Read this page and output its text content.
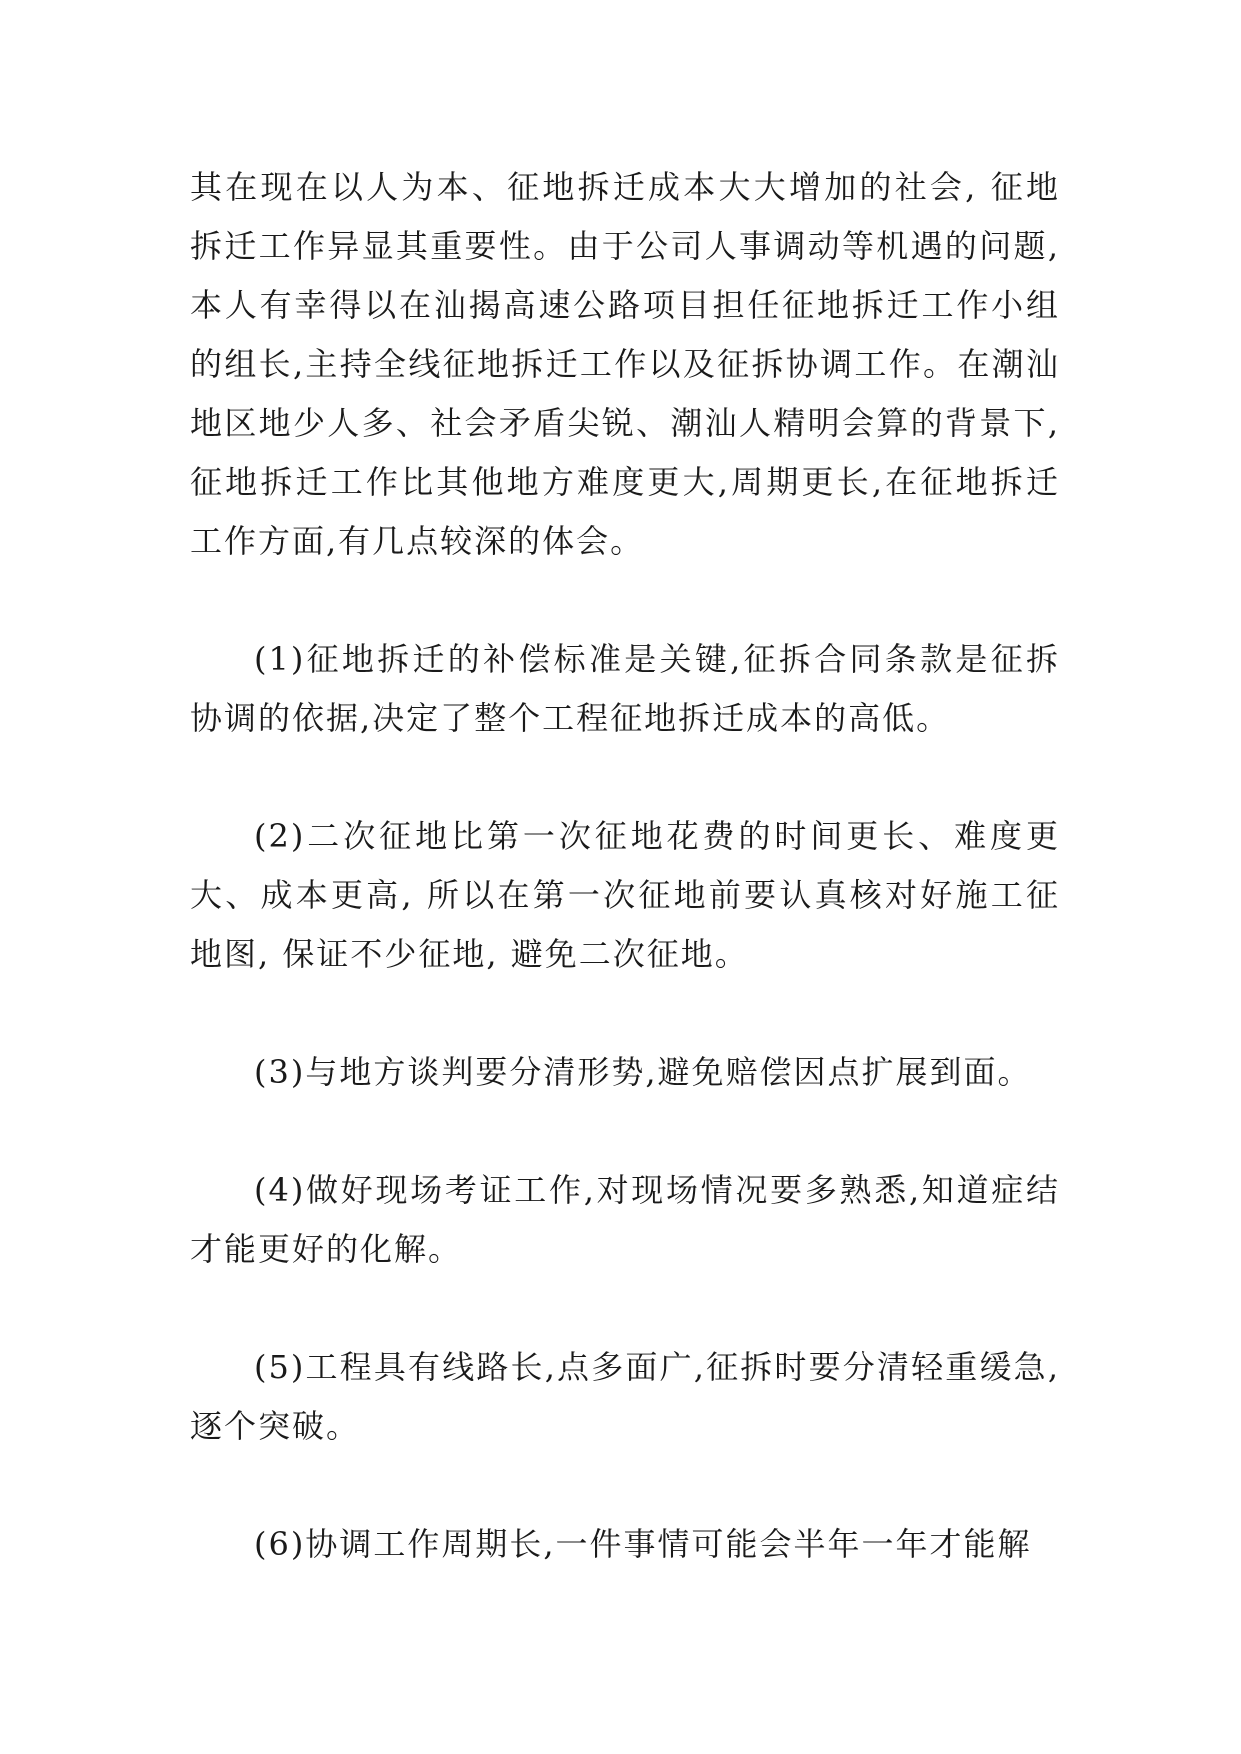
其在现在以人为本、征地拆迁成本大大增加的社会, 征地拆迁工作异显其重要性。由于公司人事调动等机遇的问题,本人有幸得以在汕揭高速公路项目担任征地拆迁工作小组的组长,主持全线征地拆迁工作以及征拆协调工作。在潮汕地区地少人多、社会矛盾尖锐、潮汕人精明会算的背景下,征地拆迁工作比其他地方难度更大,周期更长,在征地拆迁工作方面,有几点较深的体会。

(1)征地拆迁的补偿标准是关键,征拆合同条款是征拆协调的依据,决定了整个工程征地拆迁成本的高低。

(2)二次征地比第一次征地花费的时间更长、难度更大、成本更高, 所以在第一次征地前要认真核对好施工征地图, 保证不少征地, 避免二次征地。

(3)与地方谈判要分清形势,避免赔偿因点扩展到面。

(4)做好现场考证工作,对现场情况要多熟悉,知道症结才能更好的化解。

(5)工程具有线路长,点多面广,征拆时要分清轻重缓急,逐个突破。

(6)协调工作周期长,一件事情可能会半年一年才能解
